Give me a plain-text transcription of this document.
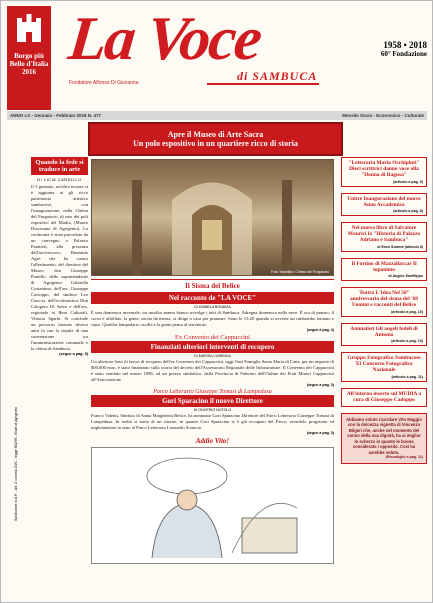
Borgo più Bello d'Italia 2016 La Voce
di SAMBUCA
Fondatore Alfonso Di Giovanna
1958 • 2018
60° Fondazione
ANNO LX - Gennaio - Febbraio 2018 N. 477	Mensile Socio - Economico - Culturale
Apre il Museo di Arte Sacra
Un polo espositivo in un quartiere ricco di storia
Quando la fede si traduce in arte
DI LICIA CARDILLO
Il 5 gennaio, un'altra tessera si è aggiunta ai gli ricco patrimonio artistico sambucese, con l'inaugurazione, nella Chiesa del Purgatorio, di uno dei poli espositivi del Mudia, (Museo Diocesano di Agrigento). La cerimonia è stata preceduta da un convegno a Palazzo Panitteri, alla presenza dell'arcivescovo Bernardo Agrò che ha curato l'allestimento, del direttore del Museo, don Giuseppe Pontillo, delle soprintendente di Agrigento Gabriella Costantino, dell'ass. Giuseppe Cacioppo, del sindaco Leo Ciaccio, dell'ecclesiastica Don Calogero Di Salvo e dell'ass. regionale ai Beni Culturali, Vittorio Sgarbi. Si conclude un percorso iniziato diversi anni fa con la stipula di una convenzione tra l'amministrazione comunale e la chiesa di Sambuca.
(segue a pag. 5)
Spedizione in A.P. - Art. 2 comma 20/C - legge 662/96 - filiale di Agrigento
Foto Tarantino: Chiesa del Purgatorio
Il Sisma del Belice
Nel racconto de "LA VOCE"
DI DANIELA BONAVIA
È una domenica invernale, un insolito manto bianco avvolge i tetti di Sambuca. Adregna domenica nella neve. È ora di pranzo, il corso è affollato, la gente, uscita da messa, si dirige a casa per pranzare. Sono le 13:20 quando si avverte un rimbombo lontano e cupo. Qualche lampadario oscilla e la gente pensa al terremoto.
(segue a pag. 4)
Ex Convento dei Cappuccini
Finanziati ulteriori interventi di recupero
DI MARISA CUBENDA
Un ulteriore lotto di lavori di recupero dell'ex Convento dei Cappuccini, oggi Oasi Famiglia Santa Maria di Cana, per un importo di 800.000 euro, è stato finanziato sulla scorta del decreto dell'Assessorato Regionale delle Infrastrutture. Il Convento dei Cappuccini è stato venduto nel marzo 1996, ad un prezzo simbolico, dalla Provincia di Palermo dell'Ordine dei Frati Minori Cappuccini all'Associazione
(segue a pag. 3)
Parco Letterario Giuseppe Tomasi di Lampedusa
Gori Sparacino il nuovo Direttore
DI ONOFRIO NOTOLO
Franco Valenti, Sindaco di Santa Margherita Belice, ha nominato Gori Sparacino Direttore del Parco Letterario Giuseppe Tomasi di Lampedusa. In realtà si tratta di un ritorno, in quanto Gori Sparacino si è già occupato del Parco, avendolo progettato ed implementato in seno al Parco Letterario Leonardo Sciascia.
(segue a pag. 3)
Addio Vito!
"Letteraria Maria Occhipinti" Dieci scrittrici danno voce alla "Donna di Ragusa"
(articolo a pag. 5)
Unitre Inaugurazione del nuovo Anno Accademico
(articolo a pag. 8)
Nel nuovo libro di Salvatore Maurici la "Historia di Palazzo Adriano e Sambuca"
di Enzo Sciamè (articolo 8)
Il Fortino di Mazzallaccar Il toponimo
di Angelo Sanfilippo
Teatro L'Idea Nel 50° anniversario del sisma del '68 Uomini e racconti del Belice
(articolo a pag. 10)
Animalisti Gli angeli fedeli di Antonio
(articolo a pag. 10)
Gruppo Fotografico Sambucese XI Concorso Fotografico Nazionale
(articolo a pag. 11)
All'interno inserto sul MUDIA a cura di Giuseppe Cadoppo
Abbiamo voluto ricordare Vito Maggio con la dolcezza vignetta di Vincenzo Bilgeri che, anche nel momento del sonno della sua dignità, ha ai miglior lo scherzo in quanto le buona considerato i opposito. Così lui avrebbe voluto.
(Ricordiglio a pag. 11)
